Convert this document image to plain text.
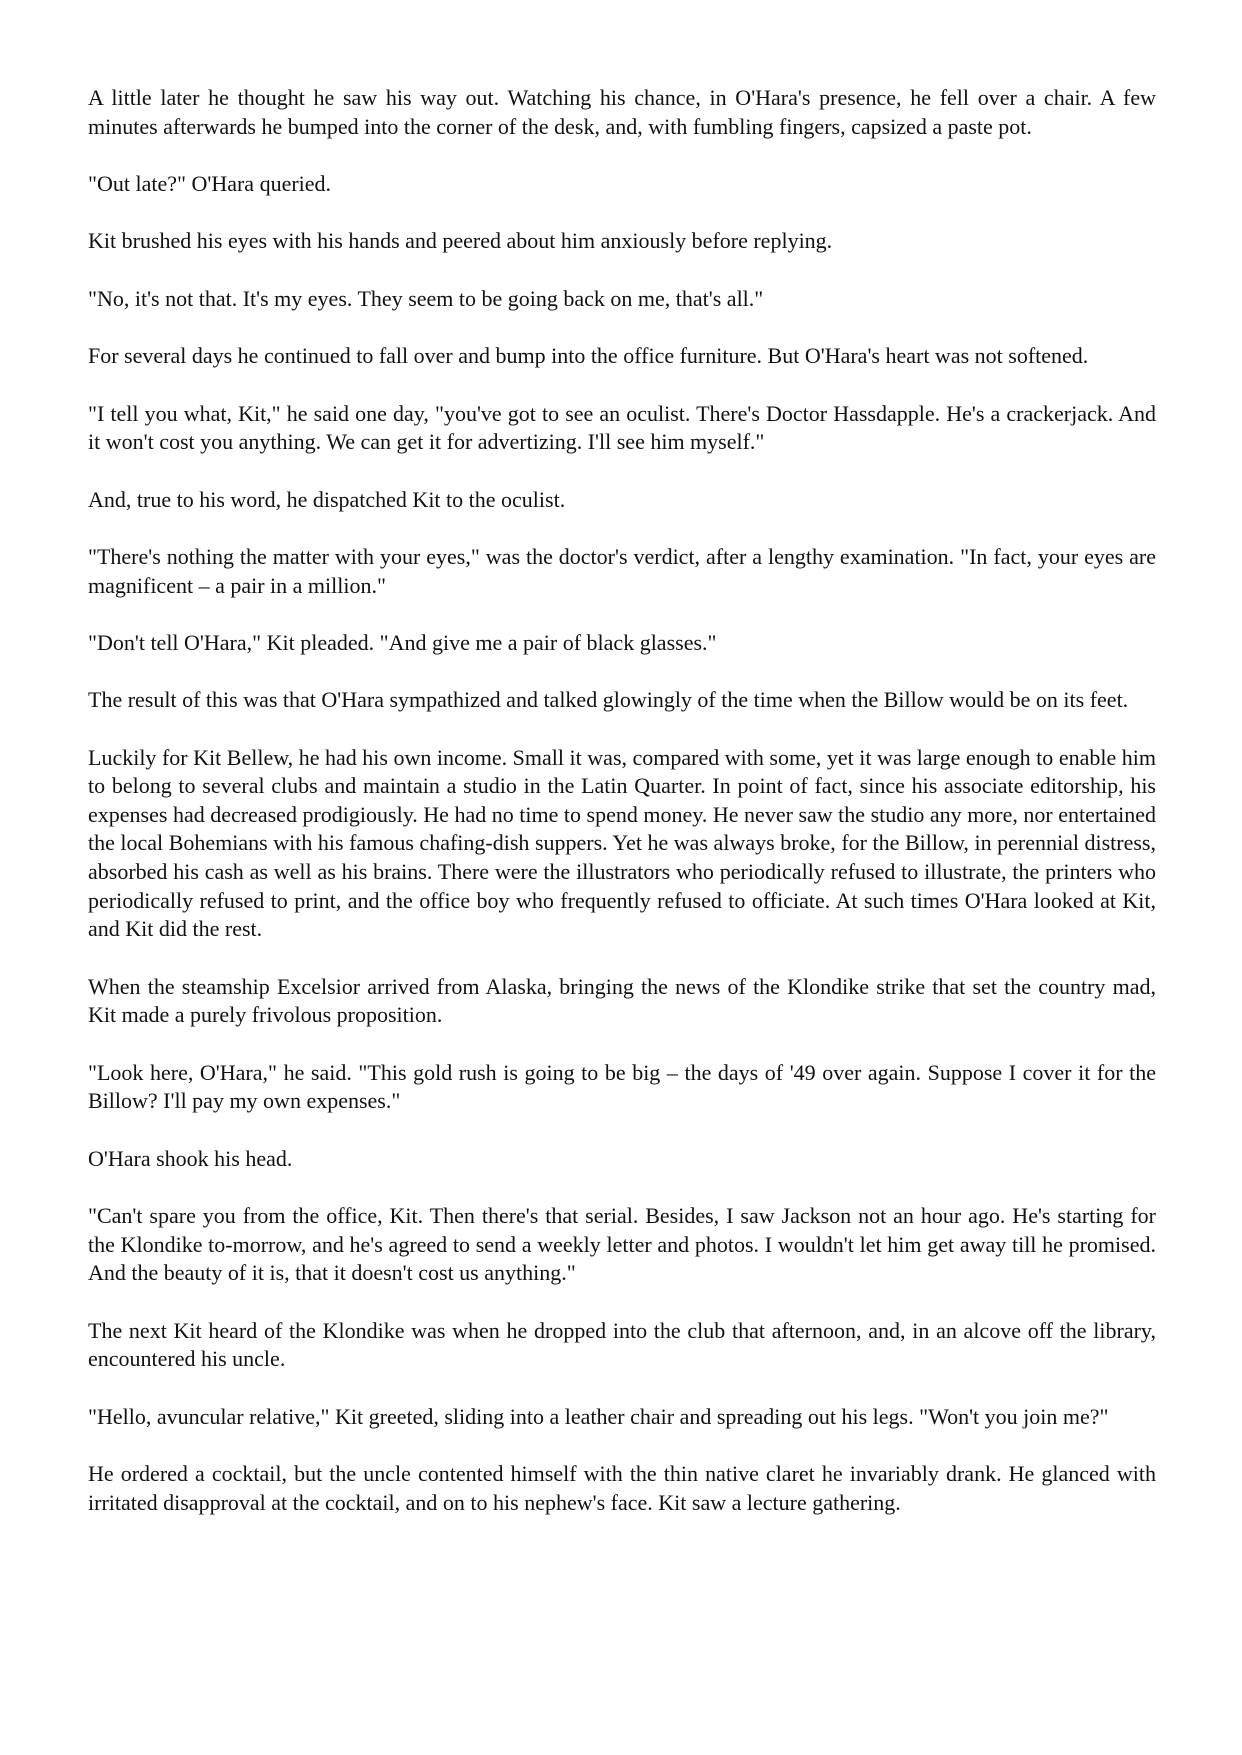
A little later he thought he saw his way out. Watching his chance, in O'Hara's presence, he fell over a chair. A few minutes afterwards he bumped into the corner of the desk, and, with fumbling fingers, capsized a paste pot.

"Out late?" O'Hara queried.

Kit brushed his eyes with his hands and peered about him anxiously before replying.

"No, it's not that. It's my eyes. They seem to be going back on me, that's all."

For several days he continued to fall over and bump into the office furniture. But O'Hara's heart was not softened.

"I tell you what, Kit," he said one day, "you've got to see an oculist. There's Doctor Hassdapple. He's a crackerjack. And it won't cost you anything. We can get it for advertizing. I'll see him myself."

And, true to his word, he dispatched Kit to the oculist.

"There's nothing the matter with your eyes," was the doctor's verdict, after a lengthy examination. "In fact, your eyes are magnificent – a pair in a million."

"Don't tell O'Hara," Kit pleaded. "And give me a pair of black glasses."

The result of this was that O'Hara sympathized and talked glowingly of the time when the Billow would be on its feet.

Luckily for Kit Bellew, he had his own income. Small it was, compared with some, yet it was large enough to enable him to belong to several clubs and maintain a studio in the Latin Quarter. In point of fact, since his associate editorship, his expenses had decreased prodigiously. He had no time to spend money. He never saw the studio any more, nor entertained the local Bohemians with his famous chafing-dish suppers. Yet he was always broke, for the Billow, in perennial distress, absorbed his cash as well as his brains. There were the illustrators who periodically refused to illustrate, the printers who periodically refused to print, and the office boy who frequently refused to officiate. At such times O'Hara looked at Kit, and Kit did the rest.

When the steamship Excelsior arrived from Alaska, bringing the news of the Klondike strike that set the country mad, Kit made a purely frivolous proposition.

"Look here, O'Hara," he said. "This gold rush is going to be big – the days of '49 over again. Suppose I cover it for the Billow? I'll pay my own expenses."

O'Hara shook his head.

"Can't spare you from the office, Kit. Then there's that serial. Besides, I saw Jackson not an hour ago. He's starting for the Klondike to-morrow, and he's agreed to send a weekly letter and photos. I wouldn't let him get away till he promised. And the beauty of it is, that it doesn't cost us anything."

The next Kit heard of the Klondike was when he dropped into the club that afternoon, and, in an alcove off the library, encountered his uncle.

"Hello, avuncular relative," Kit greeted, sliding into a leather chair and spreading out his legs. "Won't you join me?"

He ordered a cocktail, but the uncle contented himself with the thin native claret he invariably drank. He glanced with irritated disapproval at the cocktail, and on to his nephew's face. Kit saw a lecture gathering.
